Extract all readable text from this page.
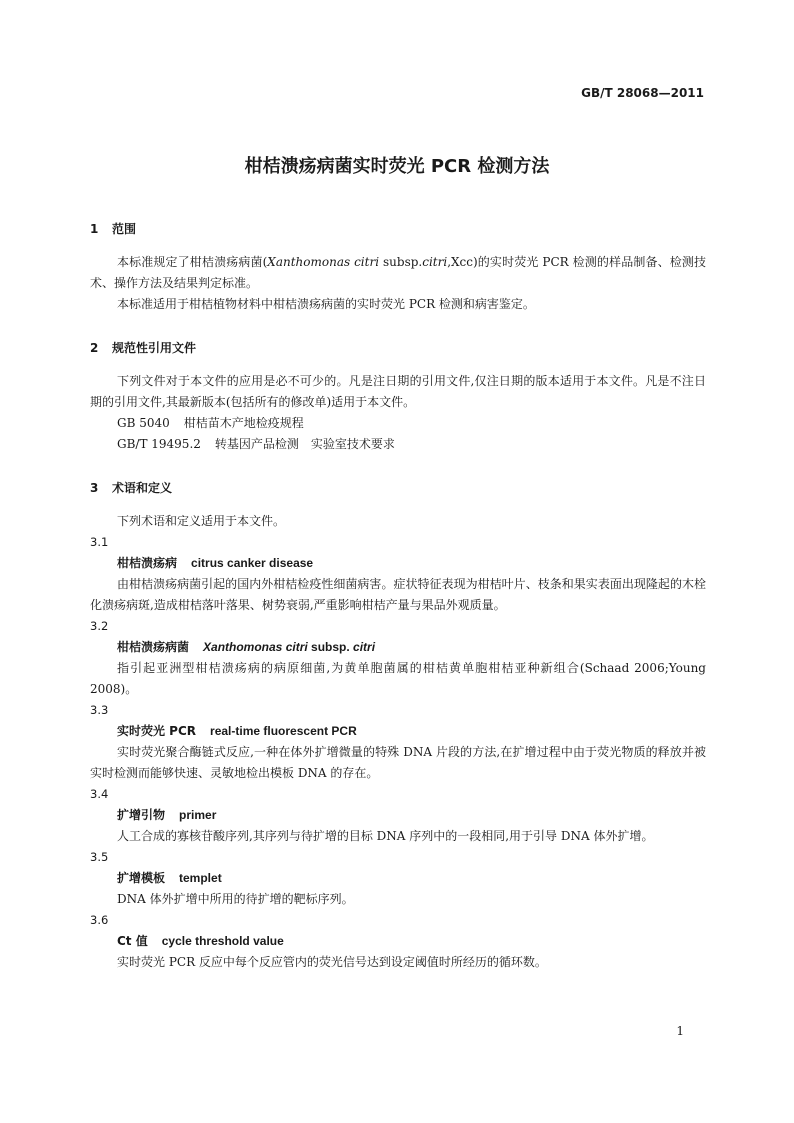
GB/T 28068—2011
柑桔溃疡病菌实时荧光 PCR 检测方法
1 范围
本标准规定了柑桔溃疡病菌(Xanthomonas citri subsp.citri,Xcc)的实时荧光 PCR 检测的样品制备、检测技术、操作方法及结果判定标准。
本标准适用于柑桔植物材料中柑桔溃疡病菌的实时荧光 PCR 检测和病害鉴定。
2 规范性引用文件
下列文件对于本文件的应用是必不可少的。凡是注日期的引用文件,仅注日期的版本适用于本文件。凡是不注日期的引用文件,其最新版本(包括所有的修改单)适用于本文件。
GB 5040 柑桔苗木产地检疫规程
GB/T 19495.2 转基因产品检测　实验室技术要求
3 术语和定义
下列术语和定义适用于本文件。
3.1
柑桔溃疡病 citrus canker disease
由柑桔溃疡病菌引起的国内外柑桔检疫性细菌病害。症状特征表现为柑桔叶片、枝条和果实表面出现隆起的木栓化溃疡病斑,造成柑桔落叶落果、树势衰弱,严重影响柑桔产量与果品外观质量。
3.2
柑桔溃疡病菌 Xanthomonas citri subsp. citri
指引起亚洲型柑桔溃疡病的病原细菌,为黄单胞菌属的柑桔黄单胞柑桔亚种新组合(Schaad 2006;Young 2008)。
3.3
实时荧光 PCR real-time fluorescent PCR
实时荧光聚合酶链式反应,一种在体外扩增微量的特殊 DNA 片段的方法,在扩增过程中由于荧光物质的释放并被实时检测而能够快速、灵敏地检出模板 DNA 的存在。
3.4
扩增引物 primer
人工合成的寡核苷酸序列,其序列与待扩增的目标 DNA 序列中的一段相同,用于引导 DNA 体外扩增。
3.5
扩增模板 templet
DNA 体外扩增中所用的待扩增的靶标序列。
3.6
Ct 值 cycle threshold value
实时荧光 PCR 反应中每个反应管内的荧光信号达到设定阈值时所经历的循环数。
1
